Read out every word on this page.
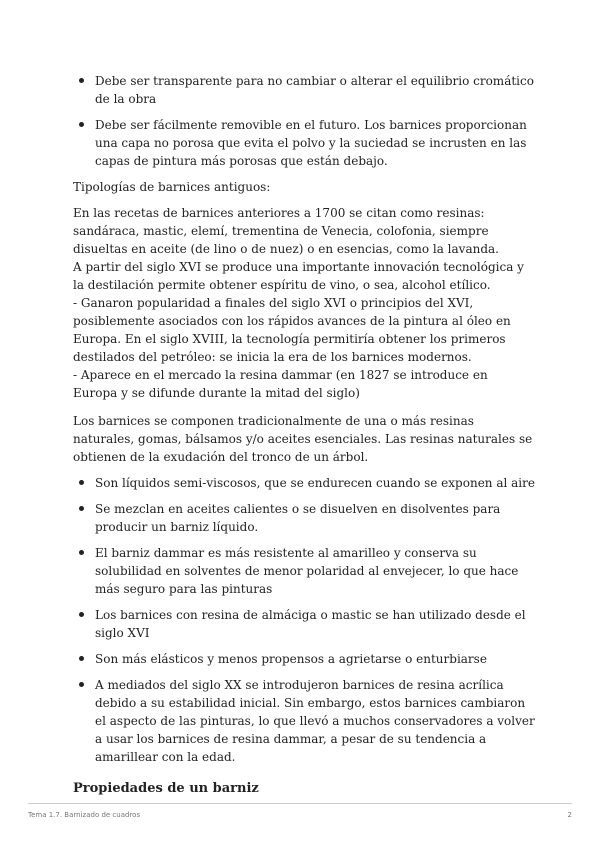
Debe ser transparente para no cambiar o alterar el equilibrio cromático de la obra
Debe ser fácilmente removible en el futuro. Los barnices proporcionan una capa no porosa que evita el polvo y la suciedad se incrusten en las capas de pintura más porosas que están debajo.

Tipologías de barnices antiguos:

En las recetas de barnices anteriores a 1700 se citan como resinas: sandáraca, mastic, elemí, trementina de Venecia, colofonia, siempre disueltas en aceite (de lino o de nuez) o en esencias, como la lavanda.
A partir del siglo XVI se produce una importante innovación tecnológica y la destilación permite obtener espíritu de vino, o sea, alcohol etílico.
- Ganaron popularidad a finales del siglo XVI o principios del XVI, posiblemente asociados con los rápidos avances de la pintura al óleo en Europa. En el siglo XVIII, la tecnología permitiría obtener los primeros destilados del petróleo: se inicia la era de los barnices modernos.
- Aparece en el mercado la resina dammar (en 1827 se introduce en Europa y se difunde durante la mitad del siglo)

Los barnices se componen tradicionalmente de una o más resinas naturales, gomas, bálsamos y/o aceites esenciales. Las resinas naturales se obtienen de la exudación del tronco de un árbol.

Son líquidos semi-viscosos, que se endurecen cuando se exponen al aire
Se mezclan en aceites calientes o se disuelven en disolventes para producir un barniz líquido.
El barniz dammar es más resistente al amarilleo y conserva su solubilidad en solventes de menor polaridad al envejecer, lo que hace más seguro para las pinturas
Los barnices con resina de almáciga o mastic se han utilizado desde el siglo XVI
Son más elásticos y menos propensos a agrietarse o enturbiarse
A mediados del siglo XX se introdujeron barnices de resina acrílica debido a su estabilidad inicial. Sin embargo, estos barnices cambiaron el aspecto de las pinturas, lo que llevó a muchos conservadores a volver a usar los barnices de resina dammar, a pesar de su tendencia a amarillear con la edad.

Propiedades de un barniz

Tema 1.7. Barnizado de cuadros	2
